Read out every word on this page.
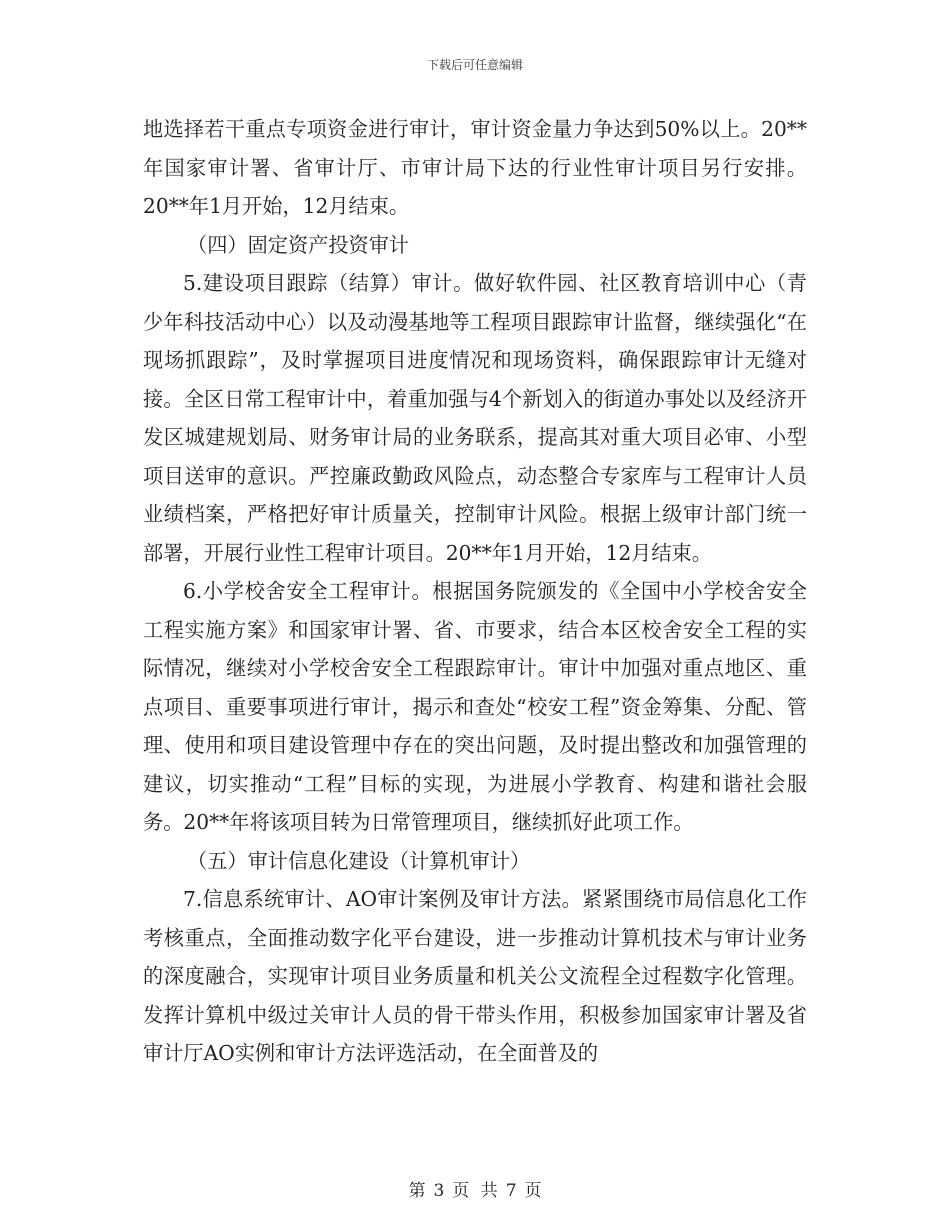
下载后可任意编辑

地选择若干重点专项资金进行审计，审计资金量力争达到50%以上。20**年国家审计署、省审计厅、市审计局下达的行业性审计项目另行安排。20**年1月开始，12月结束。

（四）固定资产投资审计

5.建设项目跟踪（结算）审计。做好软件园、社区教育培训中心（青少年科技活动中心）以及动漫基地等工程项目跟踪审计监督，继续强化“在现场抓跟踪”，及时掌握项目进度情况和现场资料，确保跟踪审计无缝对接。全区日常工程审计中，着重加强与4个新划入的街道办事处以及经济开发区城建规划局、财务审计局的业务联系，提高其对重大项目必审、小型项目送审的意识。严控廉政勤政风险点，动态整合专家库与工程审计人员业绩档案，严格把好审计质量关，控制审计风险。根据上级审计部门统一部署，开展行业性工程审计项目。20**年1月开始，12月结束。

6.小学校舍安全工程审计。根据国务院颁发的《全国中小学校舍安全工程实施方案》和国家审计署、省、市要求，结合本区校舍安全工程的实际情况，继续对小学校舍安全工程跟踪审计。审计中加强对重点地区、重点项目、重要事项进行审计，揭示和查处“校安工程”资金筹集、分配、管理、使用和项目建设管理中存在的突出问题，及时提出整改和加强管理的建议，切实推动“工程”目标的实现，为进展小学教育、构建和谐社会服务。20**年将该项目转为日常管理项目，继续抓好此项工作。

（五）审计信息化建设（计算机审计）

7.信息系统审计、AO审计案例及审计方法。紧紧围绕市局信息化工作考核重点，全面推动数字化平台建设，进一步推动计算机技术与审计业务的深度融合，实现审计项目业务质量和机关公文流程全过程数字化管理。发挥计算机中级过关审计人员的骨干带头作用，积极参加国家审计署及省审计厅AO实例和审计方法评选活动，在全面普及的

第 3 页 共 7 页
